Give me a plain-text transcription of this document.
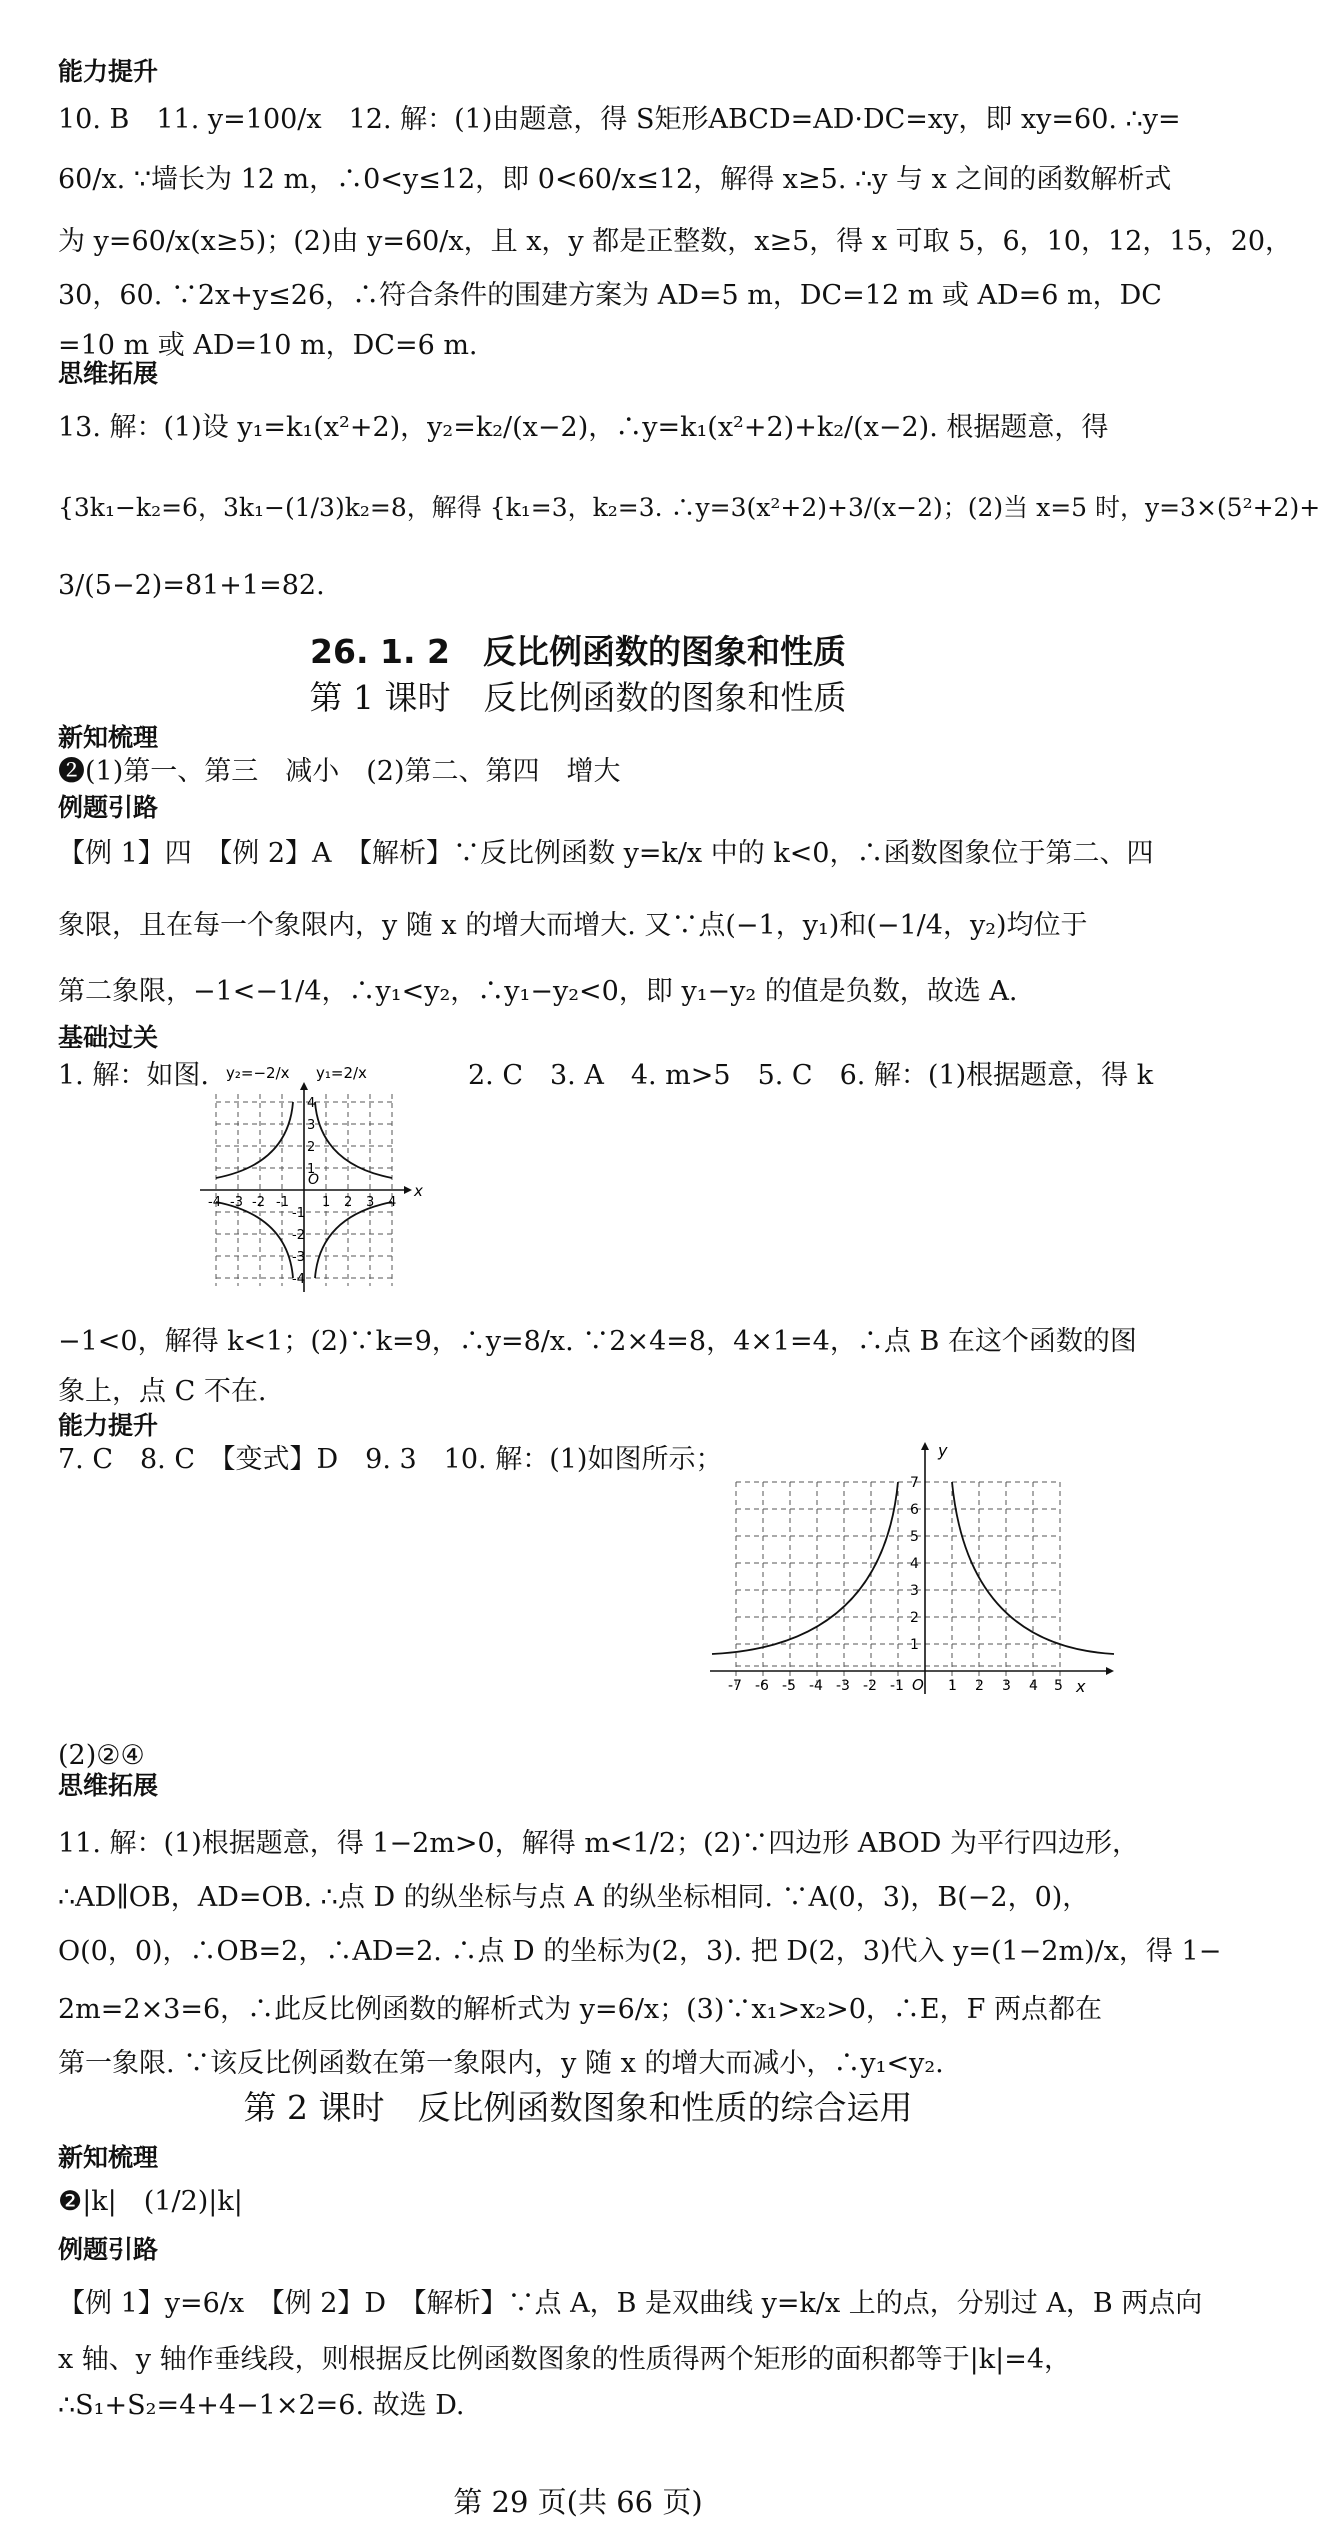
能力提升
10. B　11. y=100/x　12. 解：(1)由题意，得 S矩形ABCD=AD·DC=xy，即 xy=60. ∴y=
60/x. ∵墙长为 12 m，∴0<y≤12，即 0<60/x≤12，解得 x≥5. ∴y 与 x 之间的函数解析式
为 y=60/x(x≥5)；(2)由 y=60/x，且 x，y 都是正整数，x≥5，得 x 可取 5，6，10，12，15，20，
30，60. ∵2x+y≤26，∴符合条件的围建方案为 AD=5 m，DC=12 m 或 AD=6 m，DC
=10 m 或 AD=10 m，DC=6 m.
思维拓展
13. 解：(1)设 y₁=k₁(x²+2)，y₂=k₂/(x−2)，∴y=k₁(x²+2)+k₂/(x−2). 根据题意，得
{3k₁−k₂=6，3k₁−(1/3)k₂=8，解得 {k₁=3，k₂=3. ∴y=3(x²+2)+3/(x−2)；(2)当 x=5 时，y=3×(5²+2)+
3/(5−2)=81+1=82.
26. 1. 2　反比例函数的图象和性质
第 1 课时　反比例函数的图象和性质
新知梳理
❷(1)第一、第三　减小　(2)第二、第四　增大
例题引路
【例 1】四　【例 2】A　【解析】∵反比例函数 y=k/x 中的 k<0，∴函数图象位于第二、四
象限，且在每一个象限内，y 随 x 的增大而增大. 又∵点(−1，y₁)和(−1/4，y₂)均位于
第二象限，−1<−1/4，∴y₁<y₂，∴y₁−y₂<0，即 y₁−y₂ 的值是负数，故选 A.
基础过关
1. 解：如图.	2. C　3. A　4. m>5　5. C　6. 解：(1)根据题意，得 k
y₂=−2/x y₁=2/x
x
O
-4 -3 -2 -1	1 2 3 4
4
3
2
1
-1
-2
-3
-4
−1<0，解得 k<1；(2)∵k=9，∴y=8/x. ∵2×4=8，4×1=4，∴点 B 在这个函数的图
象上，点 C 不在.
能力提升
7. C　8. C　【变式】D　9. 3　10. 解：(1)如图所示；	y
x
O
-7 -6 -5 -4 -3 -2 -1	1 2 3 4 5
7
6
5
4
3
2
1
(2)②④
思维拓展
11. 解：(1)根据题意，得 1−2m>0，解得 m<1/2；(2)∵四边形 ABOD 为平行四边形，
∴AD∥OB，AD=OB. ∴点 D 的纵坐标与点 A 的纵坐标相同. ∵A(0，3)，B(−2，0)，
O(0，0)，∴OB=2，∴AD=2. ∴点 D 的坐标为(2，3). 把 D(2，3)代入 y=(1−2m)/x，得 1−
2m=2×3=6，∴此反比例函数的解析式为 y=6/x；(3)∵x₁>x₂>0，∴E，F 两点都在
第一象限. ∵该反比例函数在第一象限内，y 随 x 的增大而减小，∴y₁<y₂.
第 2 课时　反比例函数图象和性质的综合运用
新知梳理
❷|k|　(1/2)|k|
例题引路
【例 1】y=6/x　【例 2】D　【解析】∵点 A，B 是双曲线 y=k/x 上的点，分别过 A，B 两点向
x 轴、y 轴作垂线段，则根据反比例函数图象的性质得两个矩形的面积都等于|k|=4，
∴S₁+S₂=4+4−1×2=6. 故选 D.
第 29 页(共 66 页)
